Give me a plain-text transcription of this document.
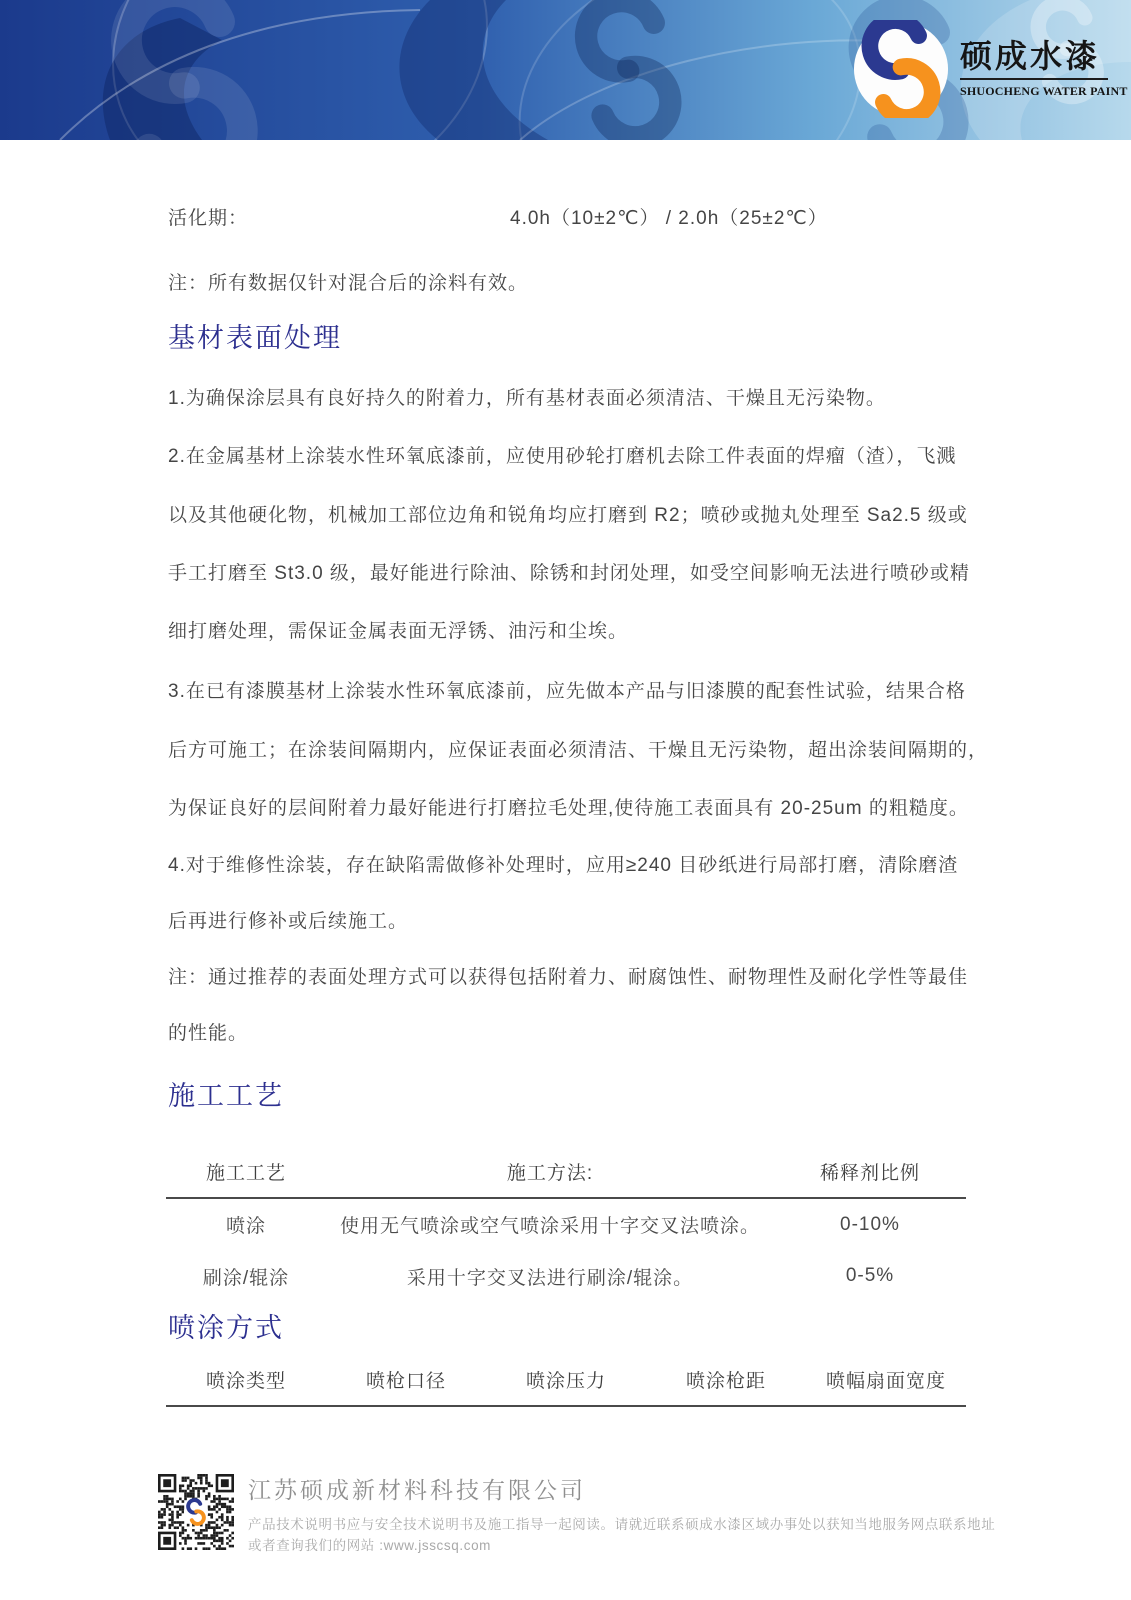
硕成水漆
SHUOCHENG WATER PAINT
活化期：	4.0h（10±2℃） / 2.0h（25±2℃）

注：所有数据仅针对混合后的涂料有效。

基材表面处理

1.为确保涂层具有良好持久的附着力，所有基材表面必须清洁、干燥且无污染物。

2.在金属基材上涂装水性环氧底漆前，应使用砂轮打磨机去除工件表面的焊瘤（渣），飞溅

以及其他硬化物，机械加工部位边角和锐角均应打磨到 R2；喷砂或抛丸处理至 Sa2.5 级或

手工打磨至 St3.0 级，最好能进行除油、除锈和封闭处理，如受空间影响无法进行喷砂或精

细打磨处理，需保证金属表面无浮锈、油污和尘埃。

3.在已有漆膜基材上涂装水性环氧底漆前，应先做本产品与旧漆膜的配套性试验，结果合格

后方可施工；在涂装间隔期内，应保证表面必须清洁、干燥且无污染物，超出涂装间隔期的，

为保证良好的层间附着力最好能进行打磨拉毛处理,使待施工表面具有 20-25um 的粗糙度。

4.对于维修性涂装，存在缺陷需做修补处理时，应用≥240 目砂纸进行局部打磨，清除磨渣

后再进行修补或后续施工。

注：通过推荐的表面处理方式可以获得包括附着力、耐腐蚀性、耐物理性及耐化学性等最佳

的性能。

施工工艺
施工工艺	施工方法:	稀释剂比例
喷涂	使用无气喷涂或空气喷涂采用十字交叉法喷涂。	0-10%
刷涂/辊涂	采用十字交叉法进行刷涂/辊涂。	0-5%
喷涂方式
喷涂类型	喷枪口径	喷涂压力	喷涂枪距	喷幅扇面宽度
江苏硕成新材料科技有限公司
产品技术说明书应与安全技术说明书及施工指导一起阅读。请就近联系硕成水漆区域办事处以获知当地服务网点联系地址
或者查询我们的网站 :www.jsscsq.com
